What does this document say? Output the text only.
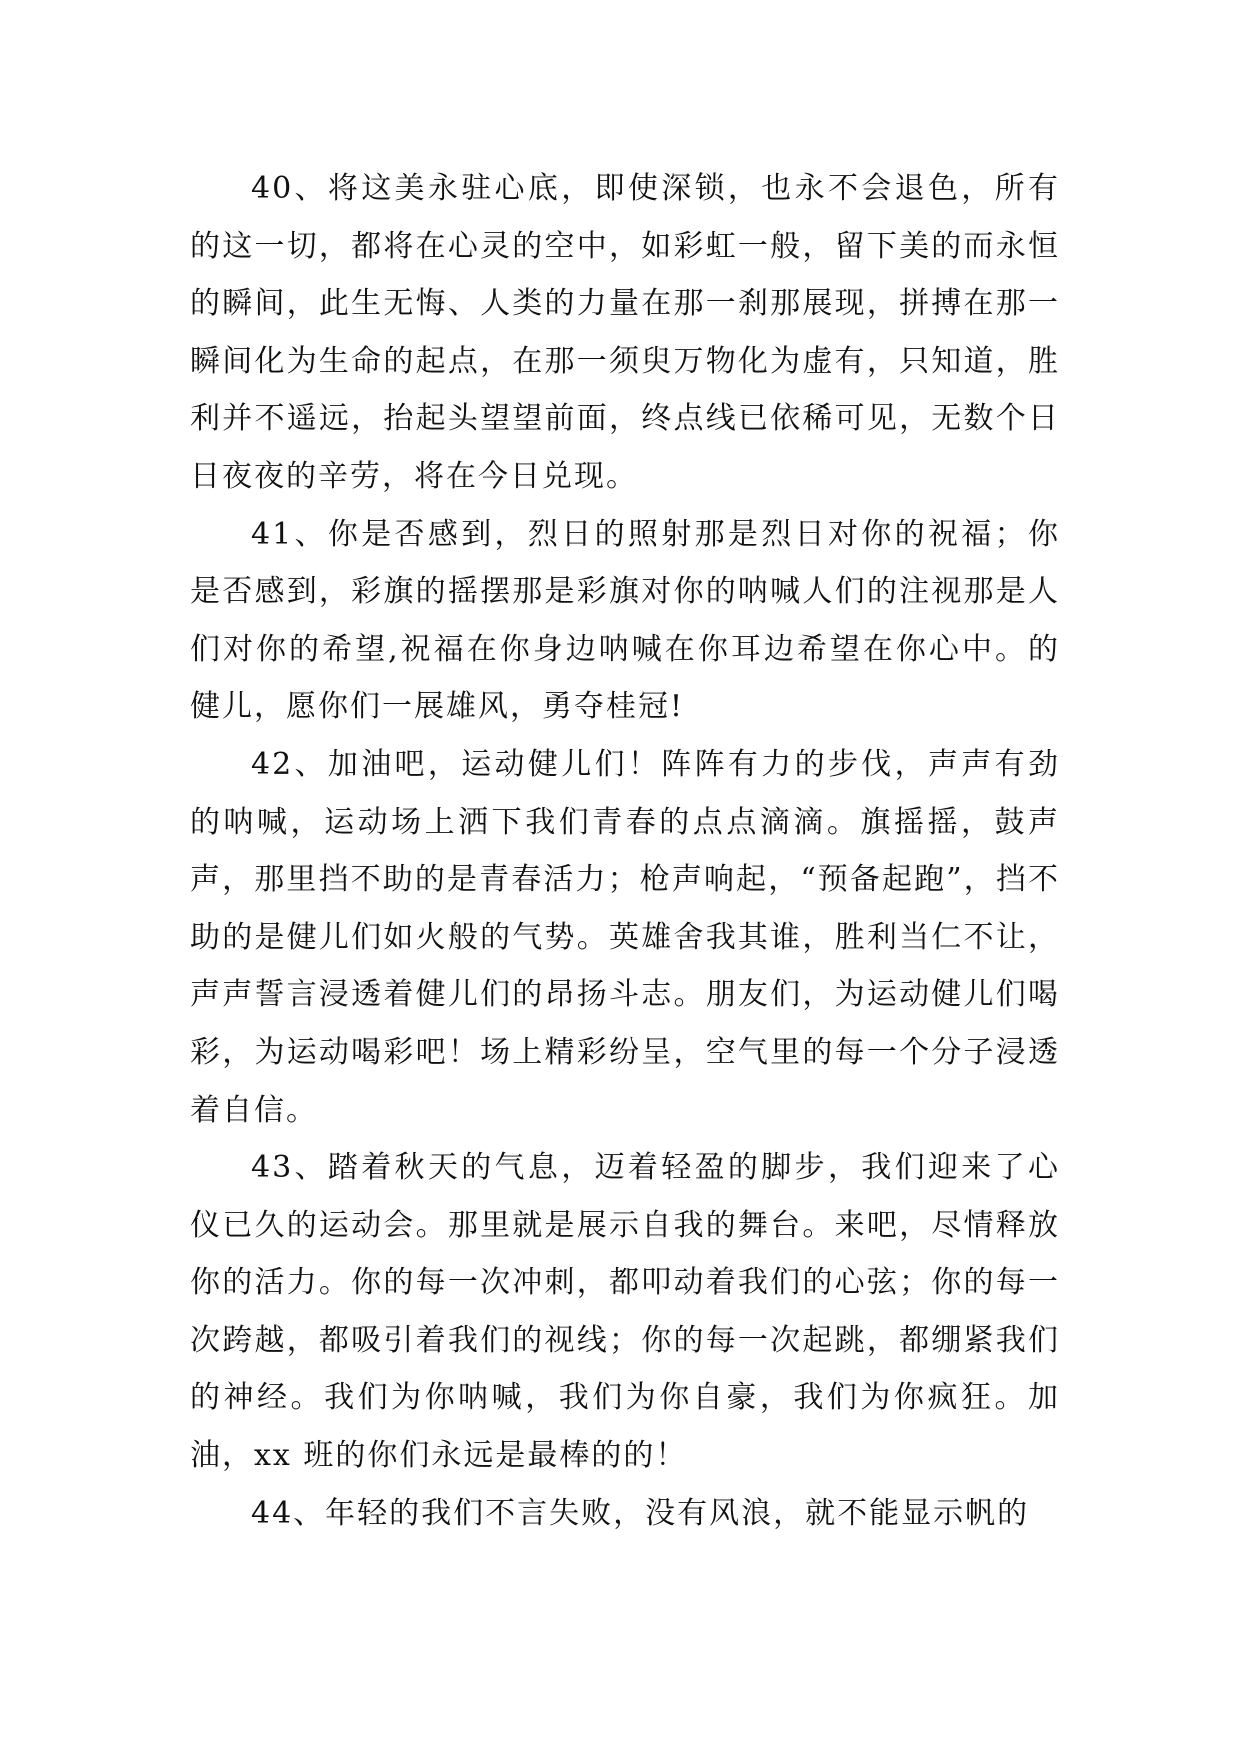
40、将这美永驻心底，即使深锁，也永不会退色，所有的这一切，都将在心灵的空中，如彩虹一般，留下美的而永恒的瞬间，此生无悔、人类的力量在那一刹那展现，拼搏在那一瞬间化为生命的起点，在那一须臾万物化为虚有，只知道，胜利并不遥远，抬起头望望前面，终点线已依稀可见，无数个日日夜夜的辛劳，将在今日兑现。

41、你是否感到，烈日的照射那是烈日对你的祝福；你是否感到，彩旗的摇摆那是彩旗对你的呐喊人们的注视那是人们对你的希望,祝福在你身边呐喊在你耳边希望在你心中。的健儿，愿你们一展雄风，勇夺桂冠!

42、加油吧，运动健儿们！阵阵有力的步伐，声声有劲的呐喊，运动场上洒下我们青春的点点滴滴。旗摇摇，鼓声声，那里挡不助的是青春活力；枪声响起，“预备起跑”，挡不助的是健儿们如火般的气势。英雄舍我其谁，胜利当仁不让，声声誓言浸透着健儿们的昂扬斗志。朋友们，为运动健儿们喝彩，为运动喝彩吧！场上精彩纷呈，空气里的每一个分子浸透着自信。

43、踏着秋天的气息，迈着轻盈的脚步，我们迎来了心仪已久的运动会。那里就是展示自我的舞台。来吧，尽情释放你的活力。你的每一次冲刺，都叩动着我们的心弦；你的每一次跨越，都吸引着我们的视线；你的每一次起跳，都绷紧我们的神经。我们为你呐喊，我们为你自豪，我们为你疯狂。加油，xx 班的你们永远是最棒的的！

44、年轻的我们不言失败，没有风浪，就不能显示帆的
